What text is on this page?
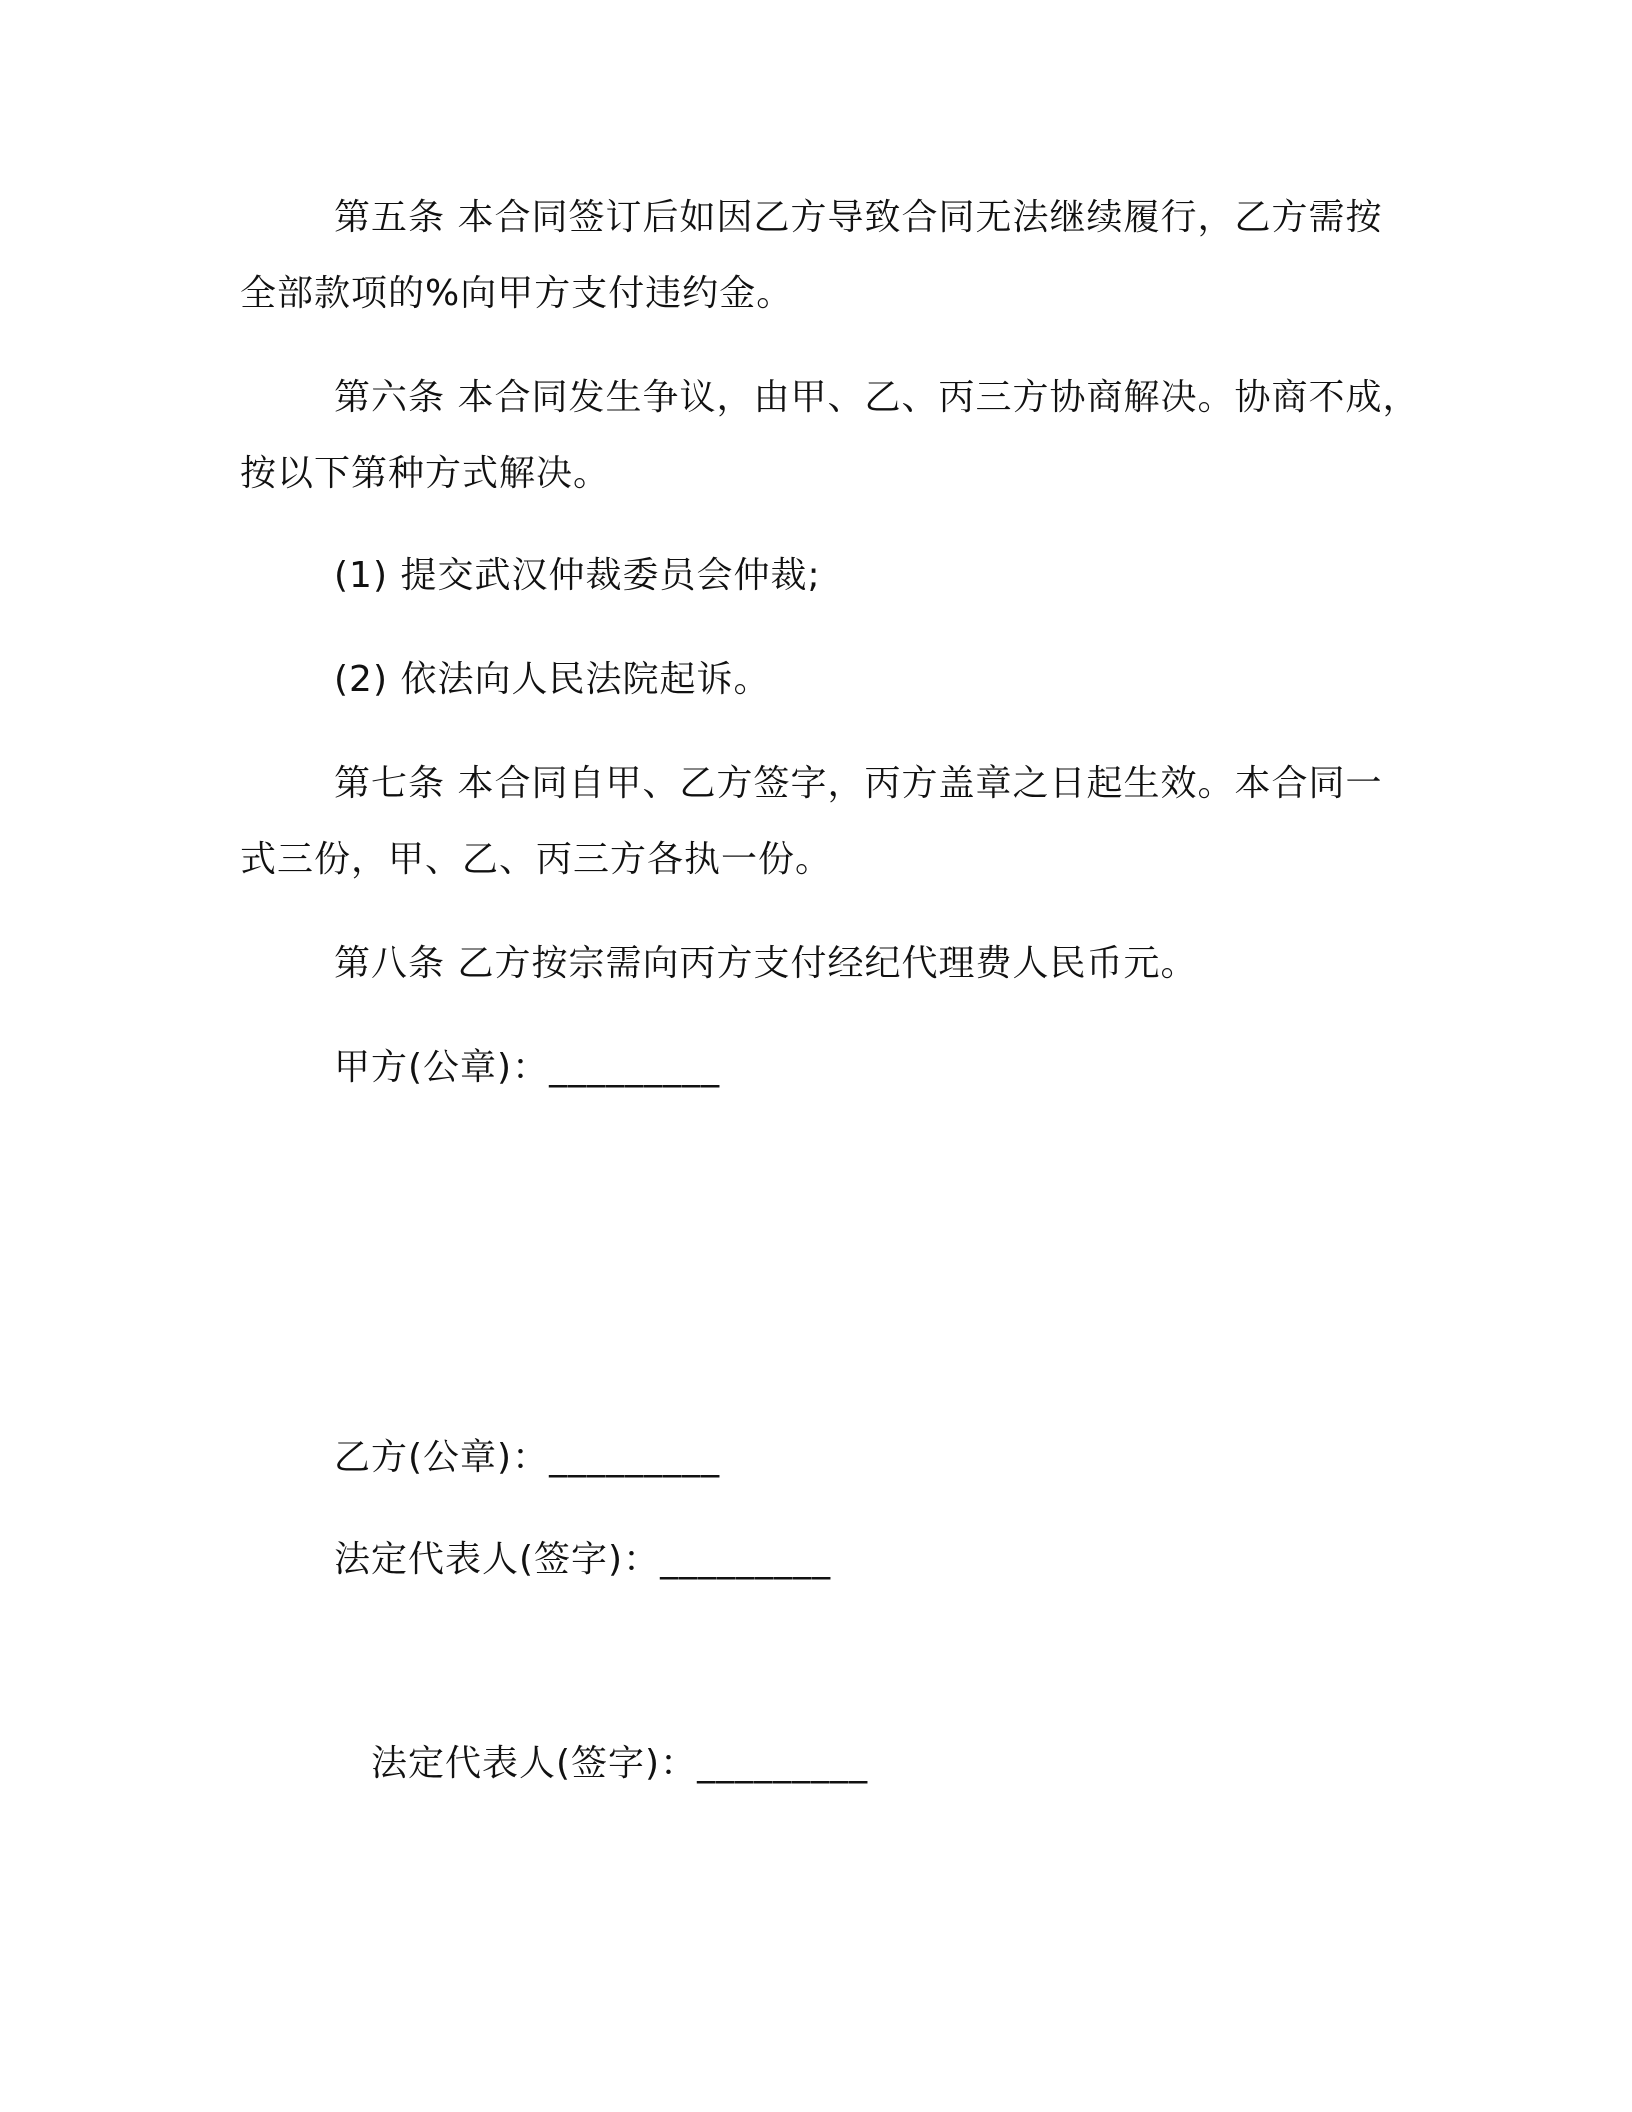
第五条 本合同签订后如因乙方导致合同无法继续履行，乙方需按
全部款项的%向甲方支付违约金。
第六条 本合同发生争议，由甲、乙、丙三方协商解决。协商不成，
按以下第种方式解决。
(1) 提交武汉仲裁委员会仲裁;
(2) 依法向人民法院起诉。
第七条 本合同自甲、乙方签字，丙方盖章之日起生效。本合同一
式三份，甲、乙、丙三方各执一份。
第八条 乙方按宗需向丙方支付经纪代理费人民币元。
甲方(公章)：_________
乙方(公章)：_________
法定代表人(签字)：_________
法定代表人(签字)：_________
